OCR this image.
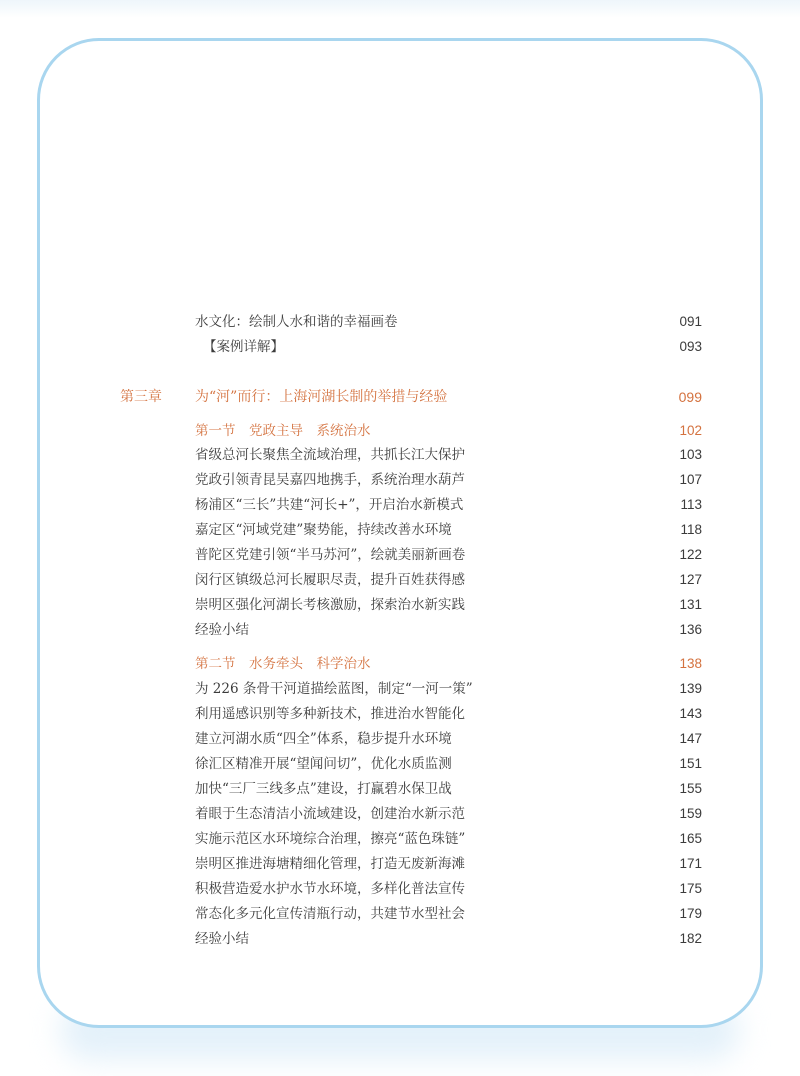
水文化：绘制人水和谐的幸福画卷	091
【案例详解】	093
第三章 为“河”而行：上海河湖长制的举措与经验	099
第一节　党政主导　系统治水	102
省级总河长聚焦全流域治理，共抓长江大保护	103
党政引领青昆吴嘉四地携手，系统治理水葫芦	107
杨浦区“三长”共建“河长+”，开启治水新模式	113
嘉定区“河域党建”聚势能，持续改善水环境	118
普陀区党建引领“半马苏河”，绘就美丽新画卷	122
闵行区镇级总河长履职尽责，提升百姓获得感	127
崇明区强化河湖长考核激励，探索治水新实践	131
经验小结	136
第二节　水务牵头　科学治水	138
为 226 条骨干河道描绘蓝图，制定“一河一策”	139
利用遥感识别等多种新技术，推进治水智能化	143
建立河湖水质“四全”体系，稳步提升水环境	147
徐汇区精准开展“望闻问切”，优化水质监测	151
加快“三厂三线多点”建设，打赢碧水保卫战	155
着眼于生态清洁小流域建设，创建治水新示范	159
实施示范区水环境综合治理，擦亮“蓝色珠链”	165
崇明区推进海塘精细化管理，打造无废新海滩	171
积极营造爱水护水节水环境，多样化普法宣传	175
常态化多元化宣传清瓶行动，共建节水型社会	179
经验小结	182
